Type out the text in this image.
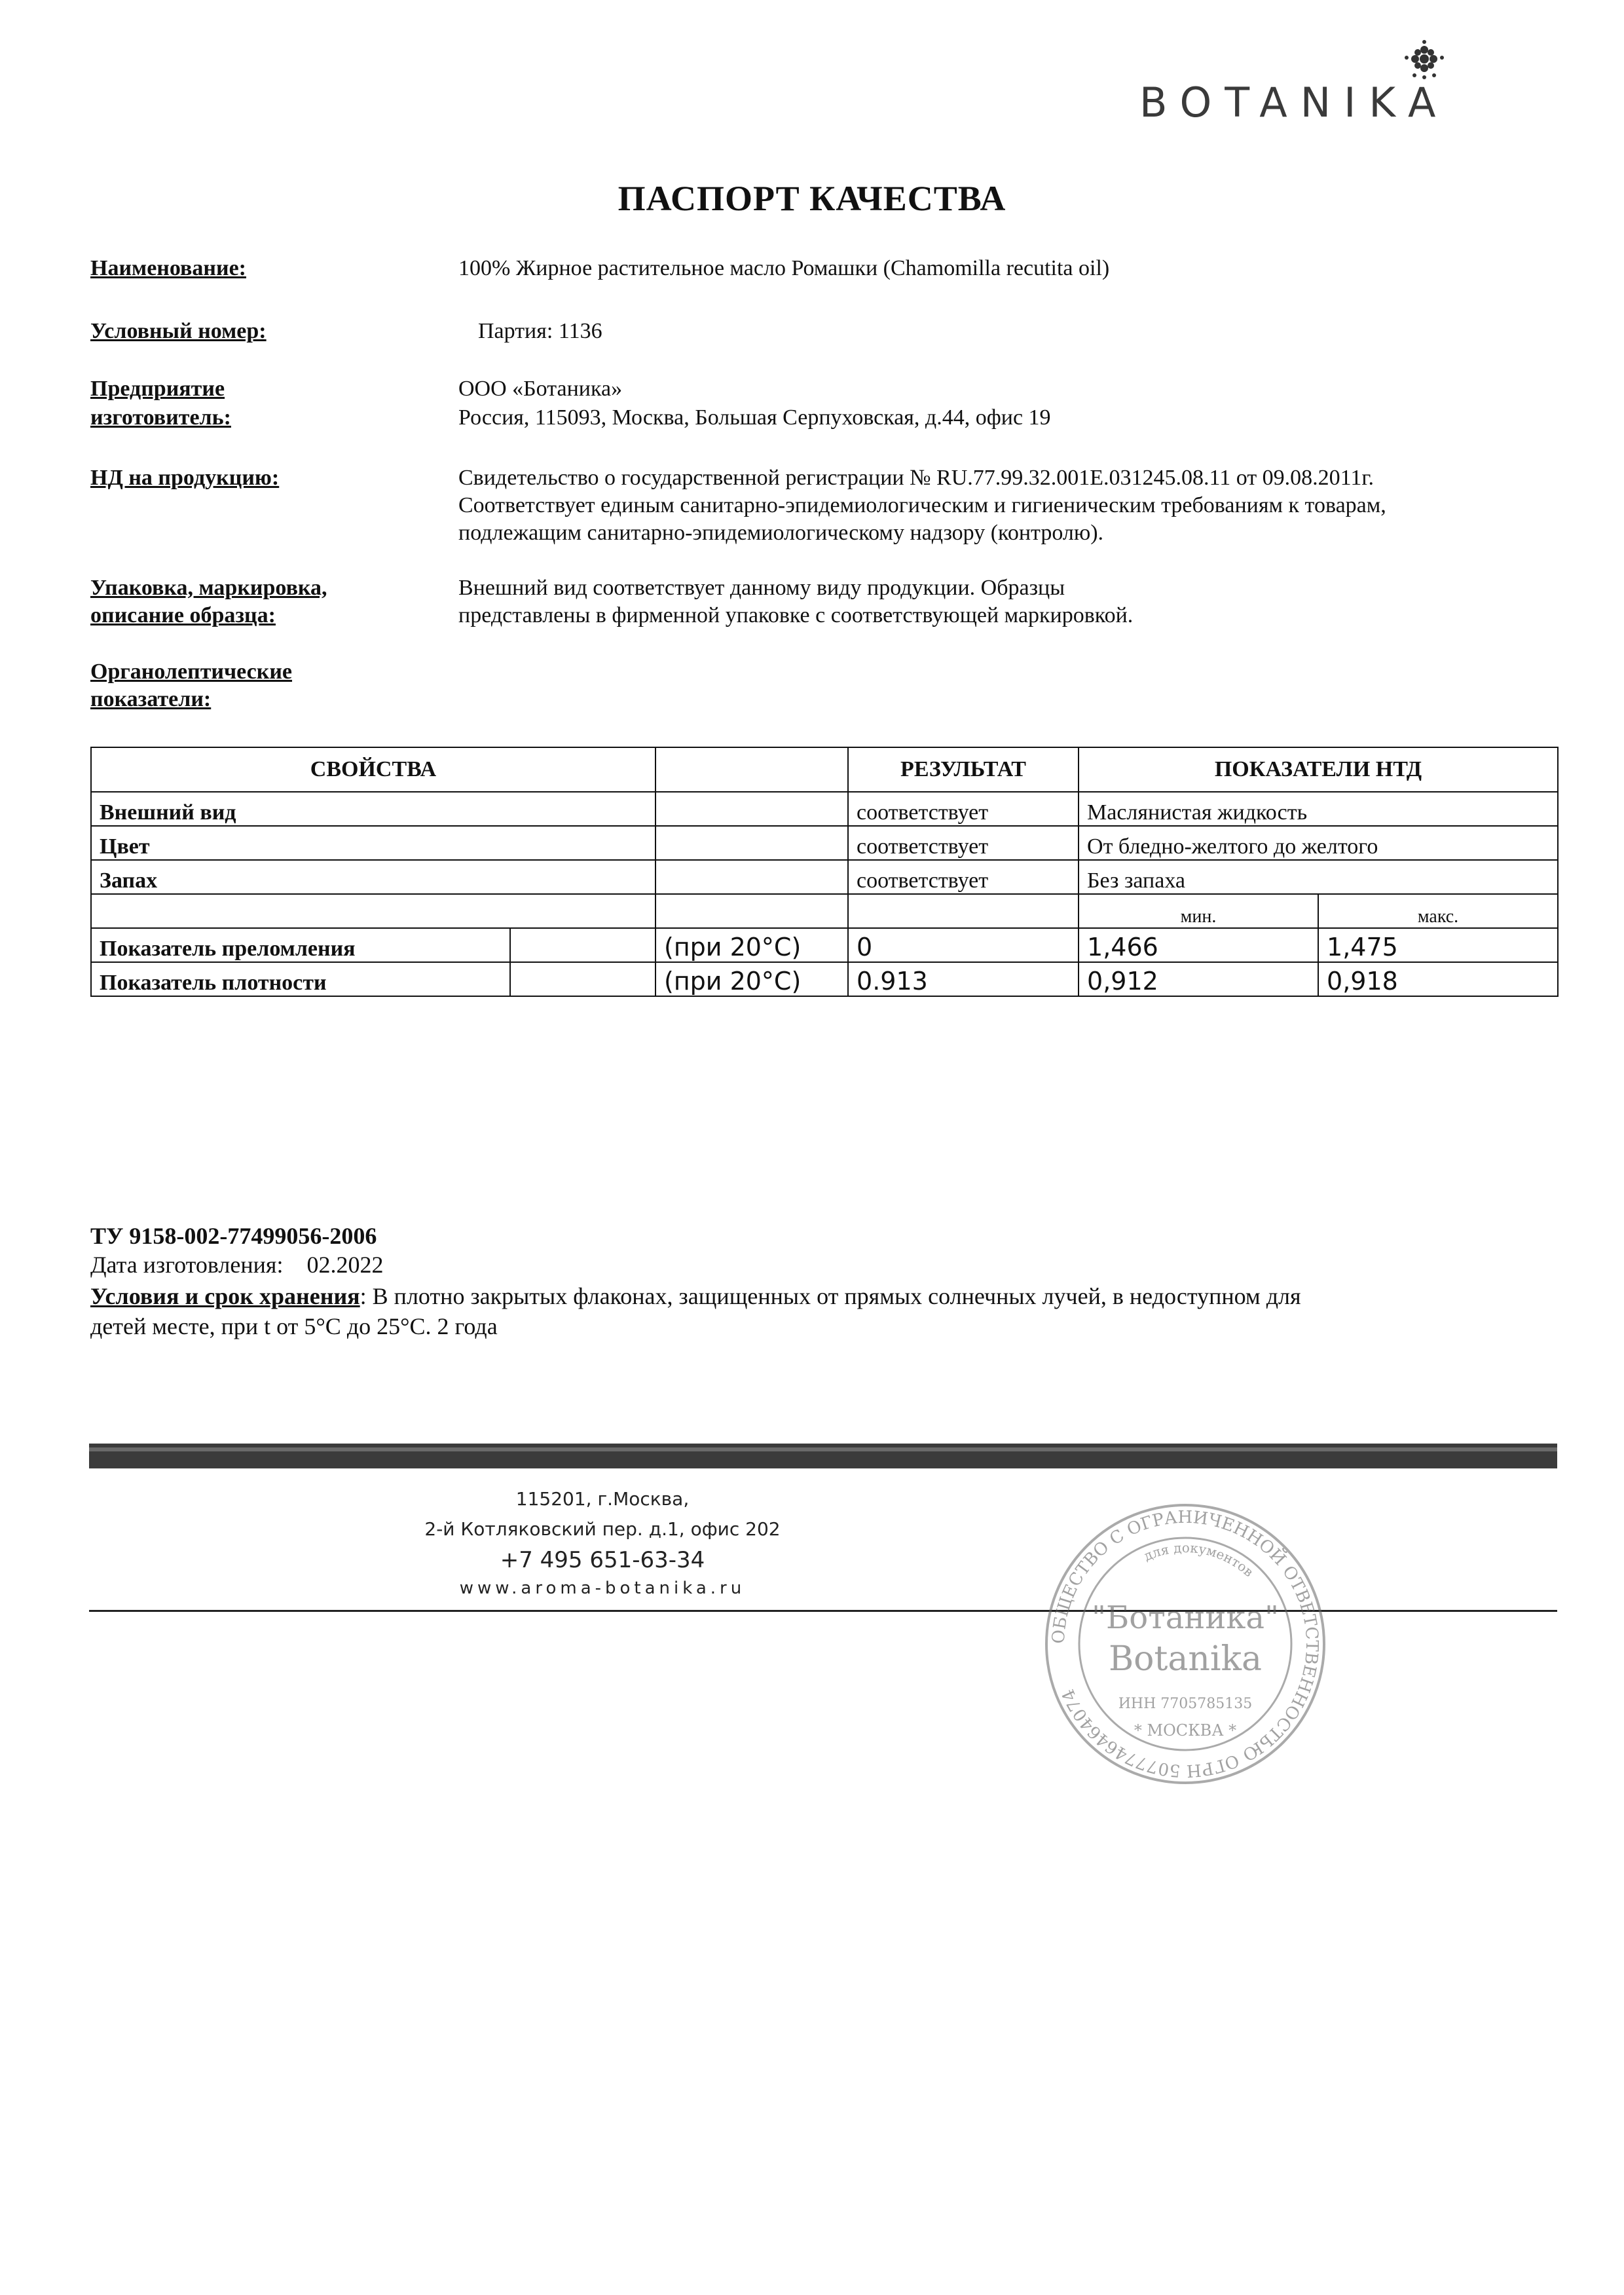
BOTANIKA
ПАСПОРТ КАЧЕСТВА
Наименование:	100% Жирное растительное масло Ромашки (Chamomilla recutita oil)
Условный номер:	Партия: 1136
Предприятие
изготовитель:
ООО «Ботаника»
Россия, 115093, Москва, Большая Серпуховская, д.44, офис 19
НД на продукцию:	Свидетельство о государственной регистрации № RU.77.99.32.001Е.031245.08.11 от 09.08.2011г.
Соответствует единым санитарно-эпидемиологическим и гигиеническим требованиям к товарам,
подлежащим санитарно-эпидемиологическому надзору (контролю).
Упаковка, маркировка,
описание образца:
Внешний вид соответствует данному виду продукции. Образцы
представлены в фирменной упаковке с соответствующей маркировкой.
Органолептические
показатели:
СВОЙСТВА			РЕЗУЛЬТАТ	ПОКАЗАТЕЛИ НТД	
Внешний вид			соответствует	Маслянистая жидкость	
Цвет			соответствует	От бледно-желтого до желтого	
Запах			соответствует	Без запаха	
				мин.	макс.
Показатель преломления		(при 20°С)	0	1,466	1,475
Показатель плотности		(при 20°С)	0.913	0,912	0,918
ТУ 9158-002-77499056-2006
Дата изготовления: 02.2022
Условия и срок хранения: В плотно закрытых флаконах, защищенных от прямых солнечных лучей, в недоступном для детей месте, при t от 5°С до 25°С. 2 года
115201, г.Москва,
2-й Котляковский пер. д.1, офис 202
+7 495 651-63-34
www.aroma-botanika.ru
ОБЩЕСТВО С ОГРАНИЧЕННОЙ ОТВЕТСТВЕННОСТЬЮ ОГРН 5077746464074
для документов
"Ботаника"
Botanika
ИНН 7705785135
* МОСКВА *
